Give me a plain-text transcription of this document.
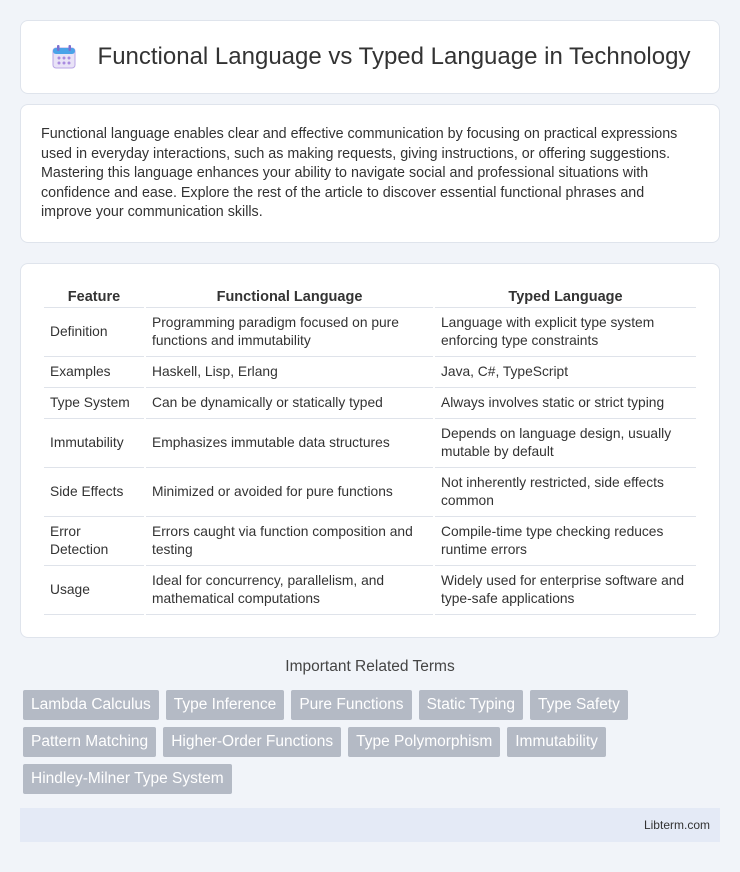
Functional Language vs Typed Language in Technology

Functional language enables clear and effective communication by focusing on practical expressions used in everyday interactions, such as making requests, giving instructions, or offering suggestions. Mastering this language enhances your ability to navigate social and professional situations with confidence and ease. Explore the rest of the article to discover essential functional phrases and improve your communication skills.

Feature	Functional Language	Typed Language
Definition	Programming paradigm focused on pure functions and immutability	Language with explicit type system enforcing type constraints
Examples	Haskell, Lisp, Erlang	Java, C#, TypeScript
Type System	Can be dynamically or statically typed	Always involves static or strict typing
Immutability	Emphasizes immutable data structures	Depends on language design, usually mutable by default
Side Effects	Minimized or avoided for pure functions	Not inherently restricted, side effects common
Error Detection	Errors caught via function composition and testing	Compile-time type checking reduces runtime errors
Usage	Ideal for concurrency, parallelism, and mathematical computations	Widely used for enterprise software and type-safe applications
Important Related Terms
Lambda Calculus	Type Inference	Pure Functions	Static Typing	Type Safety
Pattern Matching	Higher-Order Functions	Type Polymorphism	Immutability
Hindley-Milner Type System
Libterm.com
